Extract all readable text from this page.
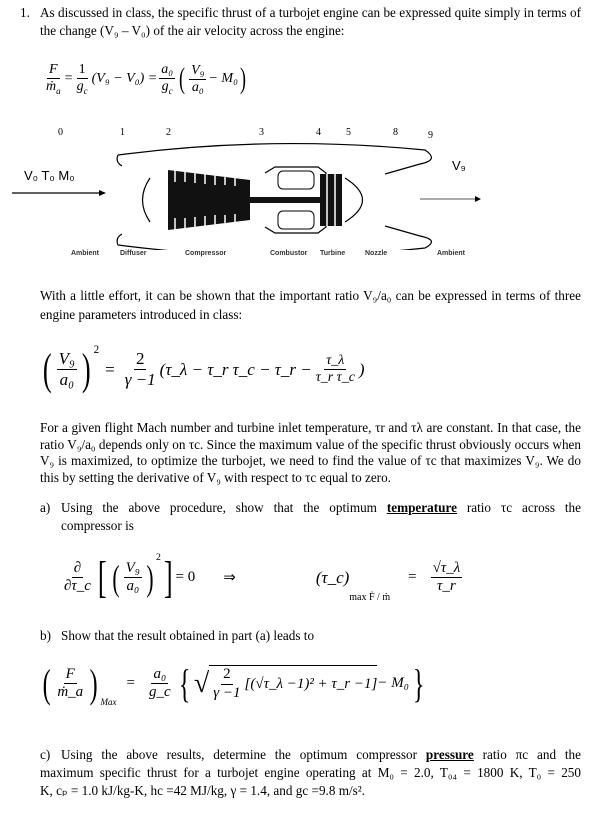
1. As discussed in class, the specific thrust of a turbojet engine can be expressed quite simply in terms of
the change (V₉ – V₀) of the air velocity across the engine:
$\frac{F}{ṁ_a} = \frac{1}{g_c} (V_9 - V_0) = \frac{\text{a₀}}{g_c}$ ( $\frac{\text{V₉}}{\text{a₀}} - M_0$ )
0	1	2	3	4	5	8	9
V₀ T₀ M₀
V₉
Ambient	Diffuser	Compressor	Combustor Turbine	Nozzle	Ambient
With a little effort, it can be shown that the important ratio V₉/a₀ can be expressed in terms of three
engine parameters introduced in class:
( $\frac{\text{V₉}}{\text{a₀}}$ ) $^2$
= $\frac{2}{\gamma -1}$ (τ_λ − τ_r τ_c − τ_r − $\frac{\tau\_\lambda}{\text{τ\_r τ\_c}}$ )
For a given flight Mach number and turbine inlet temperature, τr and τλ are constant. In that case, the
ratio V₉/a₀ depends only on τc. Since the maximum value of the specific thrust obviously occurs when
V₉ is maximized, to optimize the turbojet, we need to find the value of τc that maximizes V₉. We do
this by setting the derivative of V₉ with respect to τc equal to zero.
a) Using the above procedure, show that the optimum temperature ratio τc across the
compressor is
$\frac{\partial}{\partial\tau\_c}$ [ ( $\frac{\text{V₉}}{\text{a₀}} )^2$ ] = 0 ⇒	(τ_c)
max Ḟ / ṁ
= $\frac{√\tau\_\lambda}{\tau\_r}$
b) Show that the result obtained in part (a) leads to
( $\frac{F}{\text{ṁ\_a}}$ ) $_{Max}$
= $\frac{\text{a₀}}{g\_c}$ { √ $\frac{2}{\gamma -1}$ [(√τ_λ −1)² + τ_r −1] − M₀ }
c) Using the above results, determine the optimum compressor pressure ratio πc and the
maximum specific thrust for a turbojet engine operating at M₀ = 2.0, T₀₄ = 1800 K, T₀ = 250
K, cₚ = 1.0 kJ/kg-K, hc =42 MJ/kg, γ = 1.4, and gc =9.8 m/s².
